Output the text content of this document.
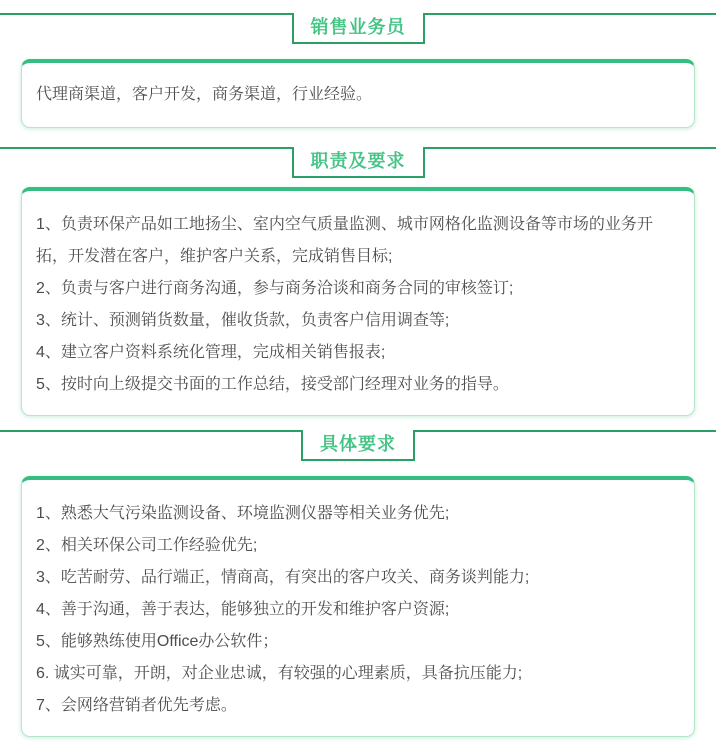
销售业务员

代理商渠道，客户开发，商务渠道，行业经验。

职责及要求

1、负责环保产品如工地扬尘、室内空气质量监测、城市网格化监测设备等市场的业务开拓，开发潜在客户，维护客户关系，完成销售目标;

2、负责与客户进行商务沟通，参与商务洽谈和商务合同的审核签订;

3、统计、预测销货数量，催收货款，负责客户信用调查等;

4、建立客户资料系统化管理，完成相关销售报表;

5、按时向上级提交书面的工作总结，接受部门经理对业务的指导。

具体要求

1、熟悉大气污染监测设备、环境监测仪器等相关业务优先;

2、相关环保公司工作经验优先;

3、吃苦耐劳、品行端正，情商高，有突出的客户攻关、商务谈判能力;

4、善于沟通，善于表达，能够独立的开发和维护客户资源;

5、能够熟练使用Office办公软件；

6. 诚实可靠，开朗，对企业忠诚，有较强的心理素质，具备抗压能力;

7、会网络营销者优先考虑。
